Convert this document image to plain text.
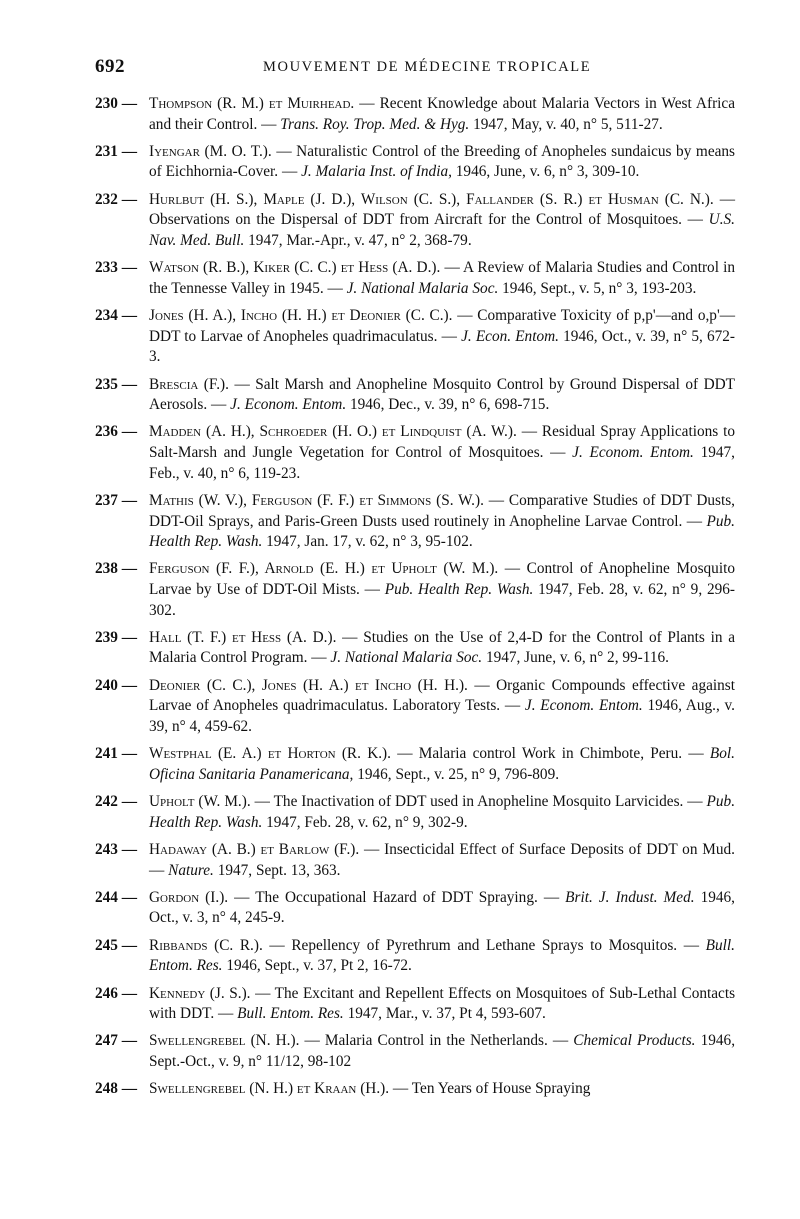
692	MOUVEMENT DE MÉDECINE TROPICALE
230 — Thompson (R. M.) et Muirhead. — Recent Knowledge about Malaria Vectors in West Africa and their Control. — Trans. Roy. Trop. Med. & Hyg. 1947, May, v. 40, n° 5, 511-27.
231 — Iyengar (M. O. T.). — Naturalistic Control of the Breeding of Anopheles sundaicus by means of Eichhornia-Cover. — J. Malaria Inst. of India, 1946, June, v. 6, n° 3, 309-10.
232 — Hurlbut (H. S.), Maple (J. D.), Wilson (C. S.), Fallander (S. R.) et Husman (C. N.). — Observations on the Dispersal of DDT from Aircraft for the Control of Mosquitoes. — U.S. Nav. Med. Bull. 1947, Mar.-Apr., v. 47, n° 2, 368-79.
233 — Watson (R. B.), Kiker (C. C.) et Hess (A. D.). — A Review of Malaria Studies and Control in the Tennesse Valley in 1945. — J. National Malaria Soc. 1946, Sept., v. 5, n° 3, 193-203.
234 — Jones (H. A.), Incho (H. H.) et Deonier (C. C.). — Comparative Toxicity of p,p'—and o,p'—DDT to Larvae of Anopheles quadrimaculatus. — J. Econ. Entom. 1946, Oct., v. 39, n° 5, 672-3.
235 — Brescia (F.). — Salt Marsh and Anopheline Mosquito Control by Ground Dispersal of DDT Aerosols. — J. Econom. Entom. 1946, Dec., v. 39, n° 6, 698-715.
236 — Madden (A. H.), Schroeder (H. O.) et Lindquist (A. W.). — Residual Spray Applications to Salt-Marsh and Jungle Vegetation for Control of Mosquitoes. — J. Econom. Entom. 1947, Feb., v. 40, n° 6, 119-23.
237 — Mathis (W. V.), Ferguson (F. F.) et Simmons (S. W.). — Comparative Studies of DDT Dusts, DDT-Oil Sprays, and Paris-Green Dusts used routinely in Anopheline Larvae Control. — Pub. Health Rep. Wash. 1947, Jan. 17, v. 62, n° 3, 95-102.
238 — Ferguson (F. F.), Arnold (E. H.) et Upholt (W. M.). — Control of Anopheline Mosquito Larvae by Use of DDT-Oil Mists. — Pub. Health Rep. Wash. 1947, Feb. 28, v. 62, n° 9, 296-302.
239 — Hall (T. F.) et Hess (A. D.). — Studies on the Use of 2,4-D for the Control of Plants in a Malaria Control Program. — J. National Malaria Soc. 1947, June, v. 6, n° 2, 99-116.
240 — Deonier (C. C.), Jones (H. A.) et Incho (H. H.). — Organic Compounds effective against Larvae of Anopheles quadrimaculatus. Laboratory Tests. — J. Econom. Entom. 1946, Aug., v. 39, n° 4, 459-62.
241 — Westphal (E. A.) et Horton (R. K.). — Malaria control Work in Chimbote, Peru. — Bol. Oficina Sanitaria Panamericana, 1946, Sept., v. 25, n° 9, 796-809.
242 — Upholt (W. M.). — The Inactivation of DDT used in Anopheline Mosquito Larvicides. — Pub. Health Rep. Wash. 1947, Feb. 28, v. 62, n° 9, 302-9.
243 — Hadaway (A. B.) et Barlow (F.). — Insecticidal Effect of Surface Deposits of DDT on Mud. — Nature. 1947, Sept. 13, 363.
244 — Gordon (I.). — The Occupational Hazard of DDT Spraying. — Brit. J. Indust. Med. 1946, Oct., v. 3, n° 4, 245-9.
245 — Ribbands (C. R.). — Repellency of Pyrethrum and Lethane Sprays to Mosquitos. — Bull. Entom. Res. 1946, Sept., v. 37, Pt 2, 16-72.
246 — Kennedy (J. S.). — The Excitant and Repellent Effects on Mosquitoes of Sub-Lethal Contacts with DDT. — Bull. Entom. Res. 1947, Mar., v. 37, Pt 4, 593-607.
247 — Swellengrebel (N. H.). — Malaria Control in the Netherlands. — Chemical Products. 1946, Sept.-Oct., v. 9, n° 11/12, 98-102
248 — Swellengrebel (N. H.) et Kraan (H.). — Ten Years of House Spraying
